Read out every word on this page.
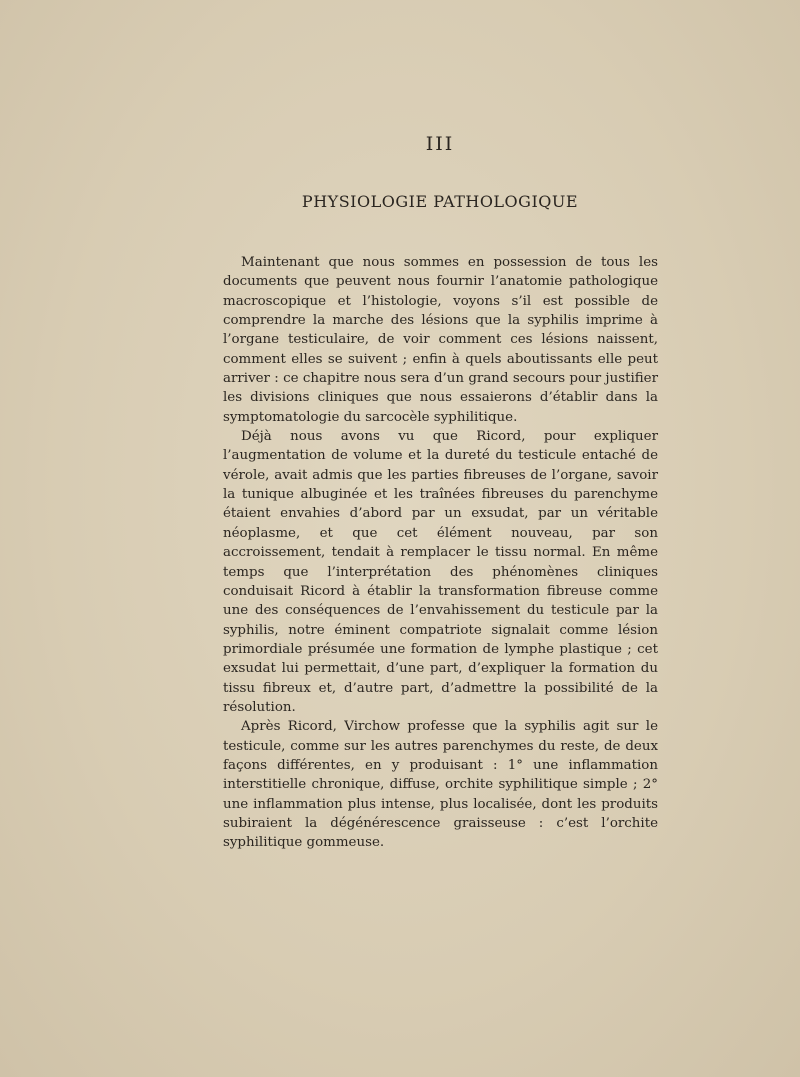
III
PHYSIOLOGIE PATHOLOGIQUE

Maintenant que nous sommes en possession de tous les documents que peuvent nous fournir l’anatomie pathologique macroscopique et l’histologie, voyons s’il est possible de comprendre la marche des lésions que la syphilis imprime à l’organe testiculaire, de voir comment ces lésions naissent, comment elles se suivent ; enfin à quels aboutissants elle peut arriver : ce chapitre nous sera d’un grand secours pour justifier les divisions cliniques que nous essaierons d’établir dans la symptomatologie du sarcocèle syphilitique.

Déjà nous avons vu que Ricord, pour expliquer l’augmentation de volume et la dureté du testicule entaché de vérole, avait admis que les parties fibreuses de l’organe, savoir la tunique albuginée et les traînées fibreuses du parenchyme étaient envahies d’abord par un exsudat, par un véritable néoplasme, et que cet élément nouveau, par son accroissement, tendait à remplacer le tissu normal. En même temps que l’interprétation des phénomènes cliniques conduisait Ricord à établir la transformation fibreuse comme une des conséquences de l’envahissement du testicule par la syphilis, notre éminent compatriote signalait comme lésion primordiale présumée une formation de lymphe plastique ; cet exsudat lui permettait, d’une part, d’expliquer la formation du tissu fibreux et, d’autre part, d’admettre la possibilité de la résolution.

Après Ricord, Virchow professe que la syphilis agit sur le testicule, comme sur les autres parenchymes du reste, de deux façons différentes, en y produisant : 1° une inflammation interstitielle chronique, diffuse, orchite syphilitique simple ; 2° une inflammation plus intense, plus localisée, dont les produits subiraient la dégénérescence graisseuse : c’est l’orchite syphilitique gommeuse.
